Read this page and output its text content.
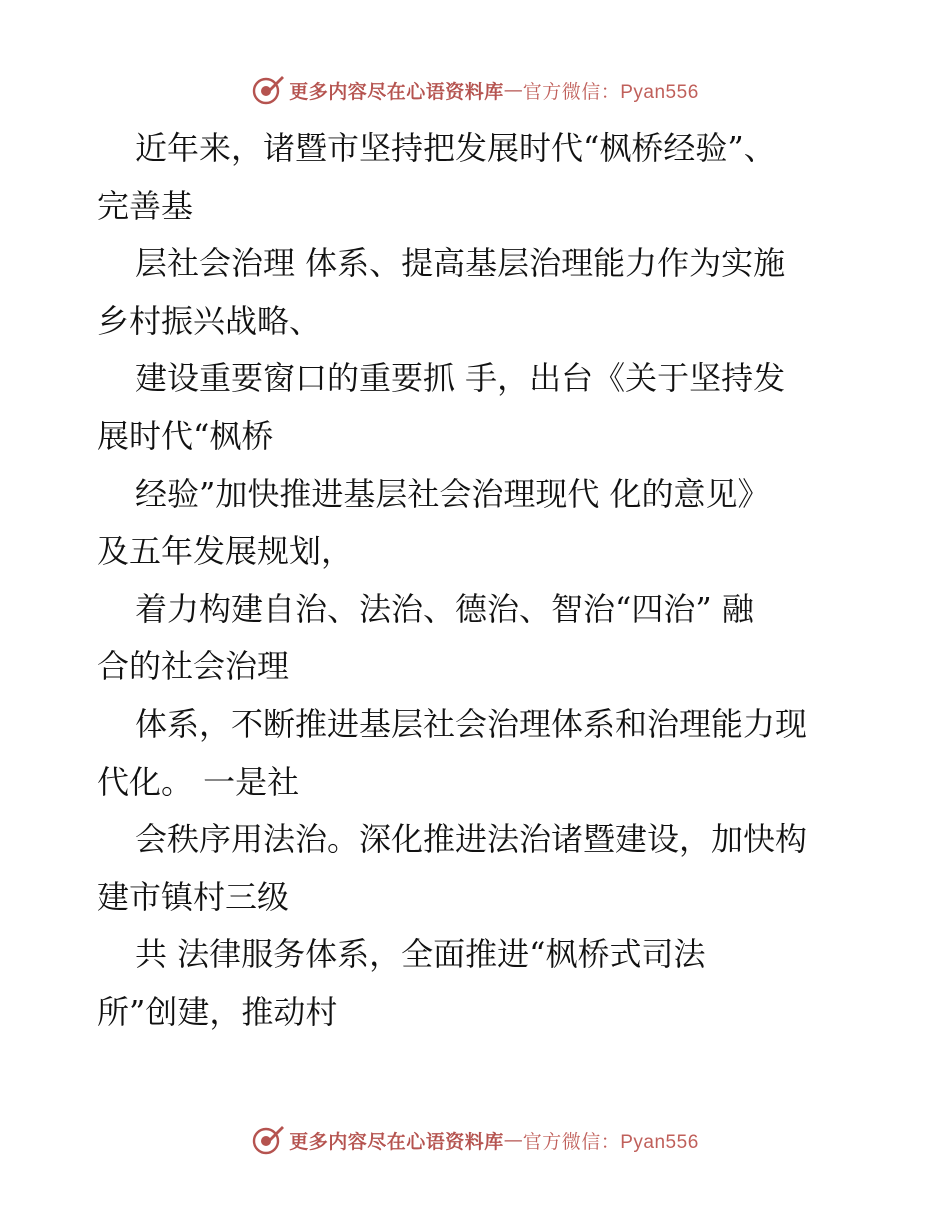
更多内容尽在心语资料库 — 官方微信：Pyan556
近年来，诸暨市坚持把发展时代“枫桥经验”、
完善基
层社会治理 体系、提高基层治理能力作为实施
乡村振兴战略、
建设重要窗口的重要抓 手，出台《关于坚持发
展时代“枫桥
经验”加快推进基层社会治理现代 化的意见》
及五年发展规划，
着力构建自治、法治、德治、智治“四治” 融
合的社会治理
体系，不断推进基层社会治理体系和治理能力现
代化。 一是社
会秩序用法治。深化推进法治诸暨建设，加快构
建市镇村三级
共 法律服务体系，全面推进“枫桥式司法
所”创建，推动村
更多内容尽在心语资料库 — 官方微信：Pyan556
